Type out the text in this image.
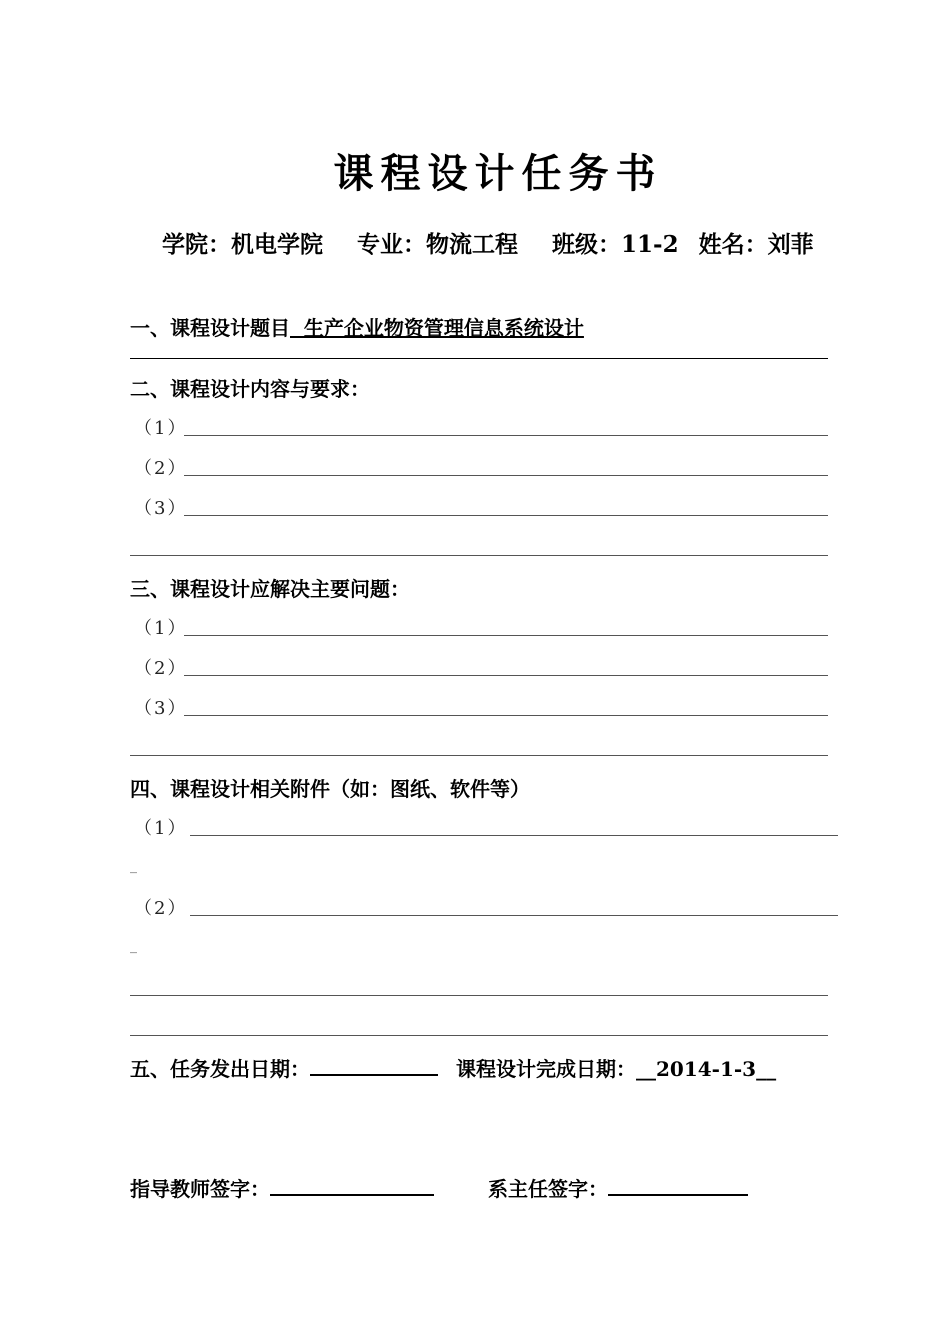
课程设计任务书
学院：机电学院 专业：物流工程 班级：11-2 姓名：刘菲
一、课程设计题目  生产企业物资管理信息系统设计
二、课程设计内容与要求：
（1）
（2）
（3）
三、课程设计应解决主要问题：
（1）
（2）
（3）
四、课程设计相关附件（如：图纸、软件等）
（1）
_
（2）
_
五、任务发出日期：	课程设计完成日期：__2014-1-3__
指导教师签字：	系主任签字：
